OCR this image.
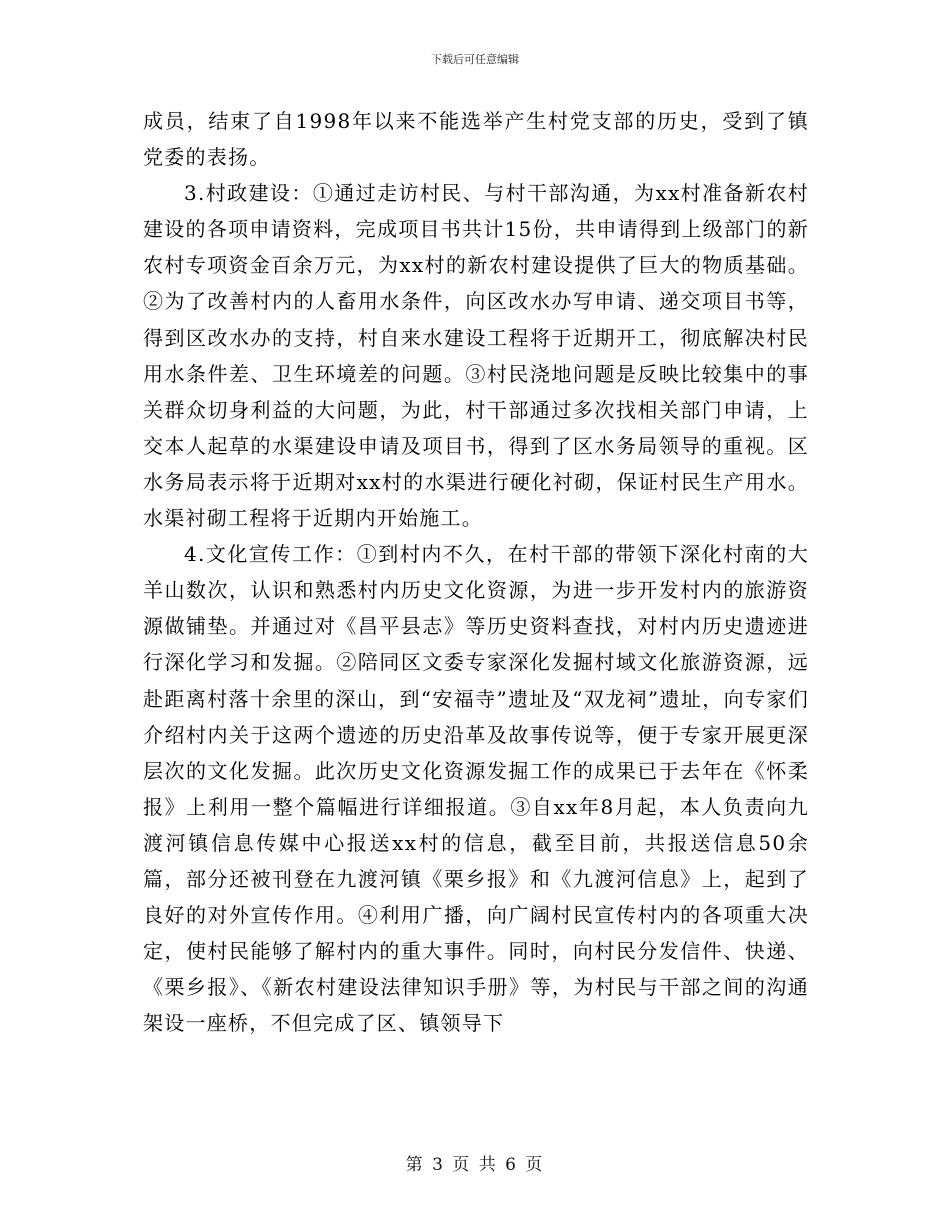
下载后可任意编辑

成员，结束了自1998年以来不能选举产生村党支部的历史，受到了镇党委的表扬。

3.村政建设：①通过走访村民、与村干部沟通，为xx村准备新农村建设的各项申请资料，完成项目书共计15份，共申请得到上级部门的新农村专项资金百余万元，为xx村的新农村建设提供了巨大的物质基础。②为了改善村内的人畜用水条件，向区改水办写申请、递交项目书等，得到区改水办的支持，村自来水建设工程将于近期开工，彻底解决村民用水条件差、卫生环境差的问题。③村民浇地问题是反映比较集中的事关群众切身利益的大问题，为此，村干部通过多次找相关部门申请，上交本人起草的水渠建设申请及项目书，得到了区水务局领导的重视。区水务局表示将于近期对xx村的水渠进行硬化衬砌，保证村民生产用水。水渠衬砌工程将于近期内开始施工。

4.文化宣传工作：①到村内不久，在村干部的带领下深化村南的大羊山数次，认识和熟悉村内历史文化资源，为进一步开发村内的旅游资源做铺垫。并通过对《昌平县志》等历史资料查找，对村内历史遗迹进行深化学习和发掘。②陪同区文委专家深化发掘村域文化旅游资源，远赴距离村落十余里的深山，到“安福寺”遗址及“双龙祠”遗址，向专家们介绍村内关于这两个遗迹的历史沿革及故事传说等，便于专家开展更深层次的文化发掘。此次历史文化资源发掘工作的成果已于去年在《怀柔报》上利用一整个篇幅进行详细报道。③自xx年8月起，本人负责向九渡河镇信息传媒中心报送xx村的信息，截至目前，共报送信息50余篇，部分还被刊登在九渡河镇《栗乡报》和《九渡河信息》上，起到了良好的对外宣传作用。④利用广播，向广阔村民宣传村内的各项重大决定，使村民能够了解村内的重大事件。同时，向村民分发信件、快递、《栗乡报》、《新农村建设法律知识手册》等，为村民与干部之间的沟通架设一座桥，不但完成了区、镇领导下

第 3 页 共 6 页
